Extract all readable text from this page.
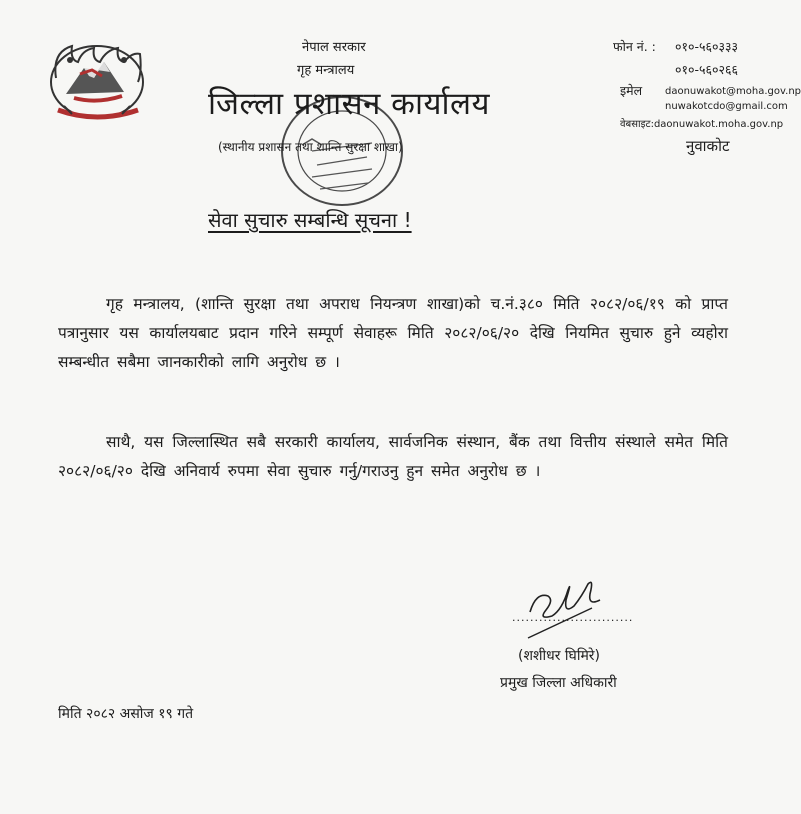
नेपाल सरकार
गृह मन्त्रालय
जिल्ला प्रशासन कार्यालय
(स्थानीय प्रशासन तथा शान्ति सुरक्षा शाखा)
फोन नं. : ०१०-५६०३३३
०१०-५६०२६६
इमेल daonuwakot@moha.gov.np
nuwakotcdo@gmail.com
वेबसाइट:daonuwakot.moha.gov.np
नुवाकोट
सेवा सुचारु सम्बन्धि सूचना !
गृह मन्त्रालय, (शान्ति सुरक्षा तथा अपराध नियन्त्रण शाखा)को च.नं.३८० मिति २०८२/०६/१९ को प्राप्त पत्रानुसार यस कार्यालयबाट प्रदान गरिने सम्पूर्ण सेवाहरू मिति २०८२/०६/२० देखि नियमित सुचारु हुने व्यहोरा सम्बन्धीत सबैमा जानकारीको लागि अनुरोध छ ।
साथै, यस जिल्लास्थित सबै सरकारी कार्यालय, सार्वजनिक संस्थान, बैंक तथा वित्तीय संस्थाले समेत मिति २०८२/०६/२० देखि अनिवार्य रुपमा सेवा सुचारु गर्नु/गराउनु हुन समेत अनुरोध छ ।
...........................
(शशीधर घिमिरे)
प्रमुख जिल्ला अधिकारी
मिति २०८२ असोज १९ गते
